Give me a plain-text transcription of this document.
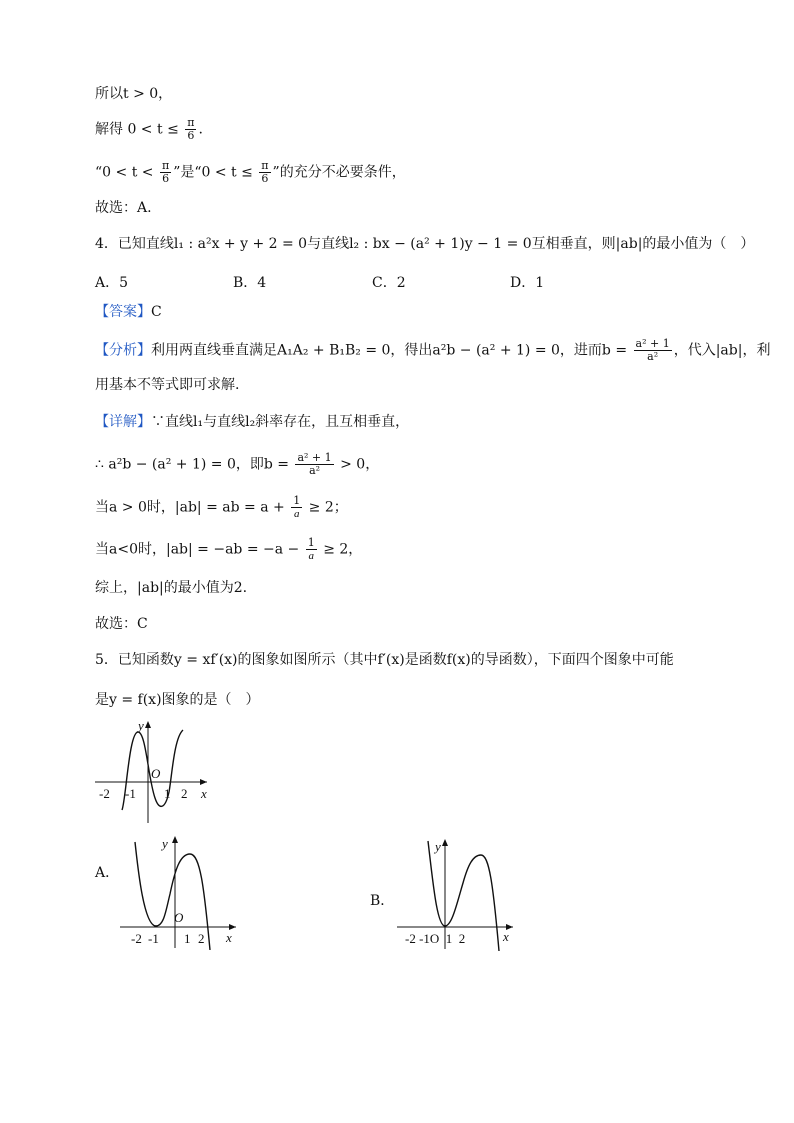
所以t > 0，
解得 $0 < t \le \frac{\pi}{6}$ .
“$0 < t < \frac{\pi}{6}$ ”是“$0 < t \le \frac{\pi}{6}$ ”的充分不必要条件，
故选：A.
4．已知直线l₁ : a²x + y + 2 = 0与直线l₂ : bx − (a² + 1)y − 1 = 0互相垂直，则|ab|的最小值为（　）
A．5	B．4	C．2	D．1
【答案】C
【分析】利用两直线垂直满足A₁A₂ + B₁B₂ = 0，得出a²b − (a² + 1) = 0，进而$b = \frac{\text{a² + 1}}{\text{a²}}$ ，代入|ab|，利
用基本不等式即可求解.
【详解】∵直线l₁与直线l₂斜率存在，且互相垂直，
∴ a²b − (a² + 1) = 0，即$b = \frac{\text{a² + 1}}{\text{a²}} > 0$，
当a > 0时，|ab| = ab = $a + \frac{1}{a} \ge 2$；
当a<0时，$|ab| = -ab = -a - \frac{1}{a} \ge 2$，
综上，|ab|的最小值为2.
故选：C
5．已知函数y = xf′(x)的图象如图所示（其中f′(x)是函数f(x)的导函数），下面四个图象中可能
是y = f(x)图象的是（　）
y
x
O
-2 -1 1 2
A．
y
x
O
-2 -1 1 2
B．
y
x
-2 -1O  1  2
